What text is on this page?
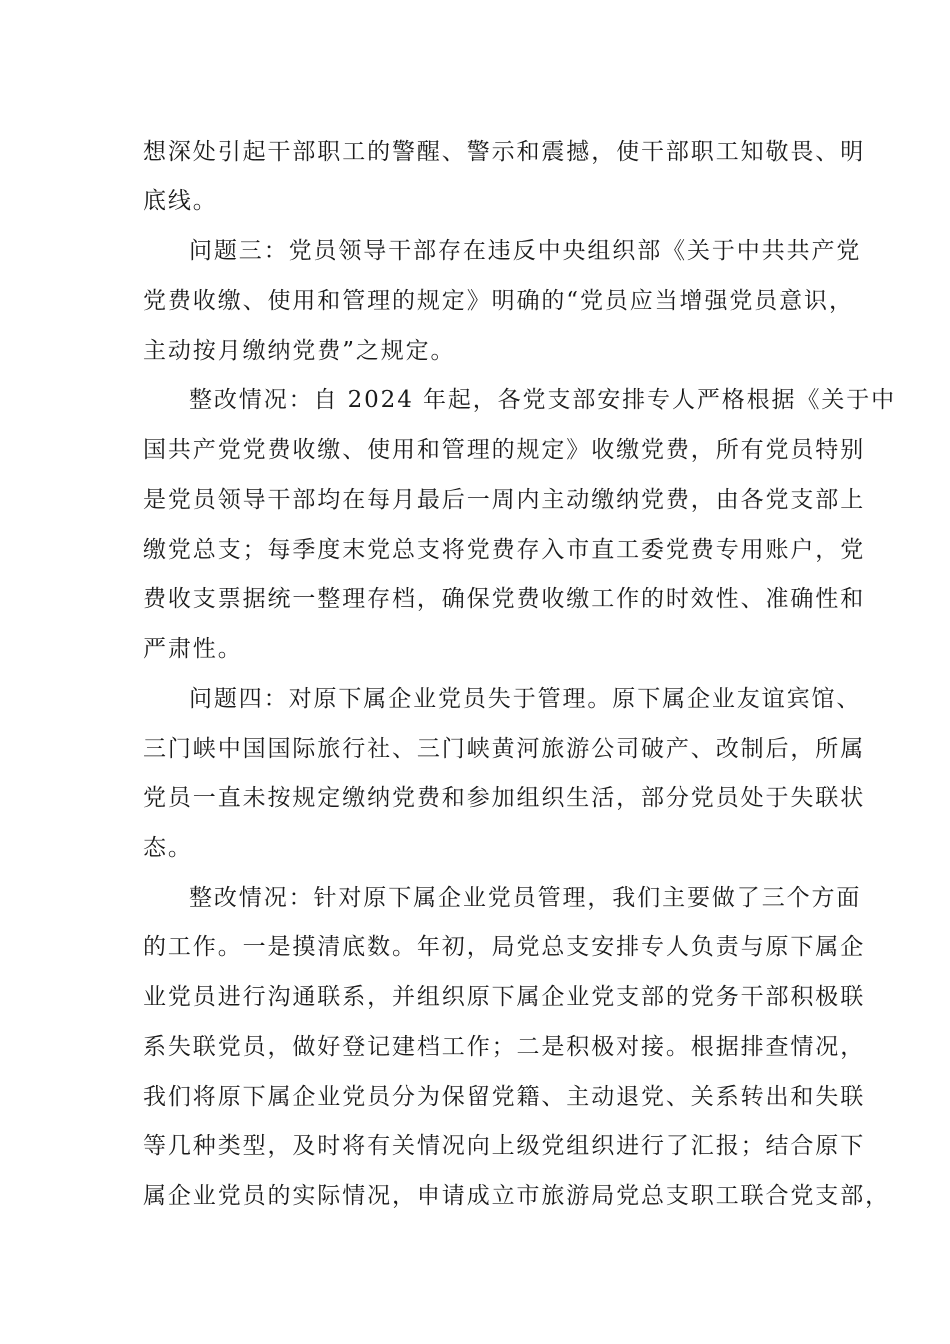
想深处引起干部职工的警醒、警示和震撼，使干部职工知敬畏、明
底线。
问题三：党员领导干部存在违反中央组织部《关于中共共产党
党费收缴、使用和管理的规定》明确的“党员应当增强党员意识，
主动按月缴纳党费”之规定。
整改情况：自 2024 年起，各党支部安排专人严格根据《关于中
国共产党党费收缴、使用和管理的规定》收缴党费，所有党员特别
是党员领导干部均在每月最后一周内主动缴纳党费，由各党支部上
缴党总支；每季度末党总支将党费存入市直工委党费专用账户，党
费收支票据统一整理存档，确保党费收缴工作的时效性、准确性和
严肃性。
问题四：对原下属企业党员失于管理。原下属企业友谊宾馆、
三门峡中国国际旅行社、三门峡黄河旅游公司破产、改制后，所属
党员一直未按规定缴纳党费和参加组织生活，部分党员处于失联状
态。
整改情况：针对原下属企业党员管理，我们主要做了三个方面
的工作。一是摸清底数。年初，局党总支安排专人负责与原下属企
业党员进行沟通联系，并组织原下属企业党支部的党务干部积极联
系失联党员，做好登记建档工作；二是积极对接。根据排查情况，
我们将原下属企业党员分为保留党籍、主动退党、关系转出和失联
等几种类型，及时将有关情况向上级党组织进行了汇报；结合原下
属企业党员的实际情况，申请成立市旅游局党总支职工联合党支部，
